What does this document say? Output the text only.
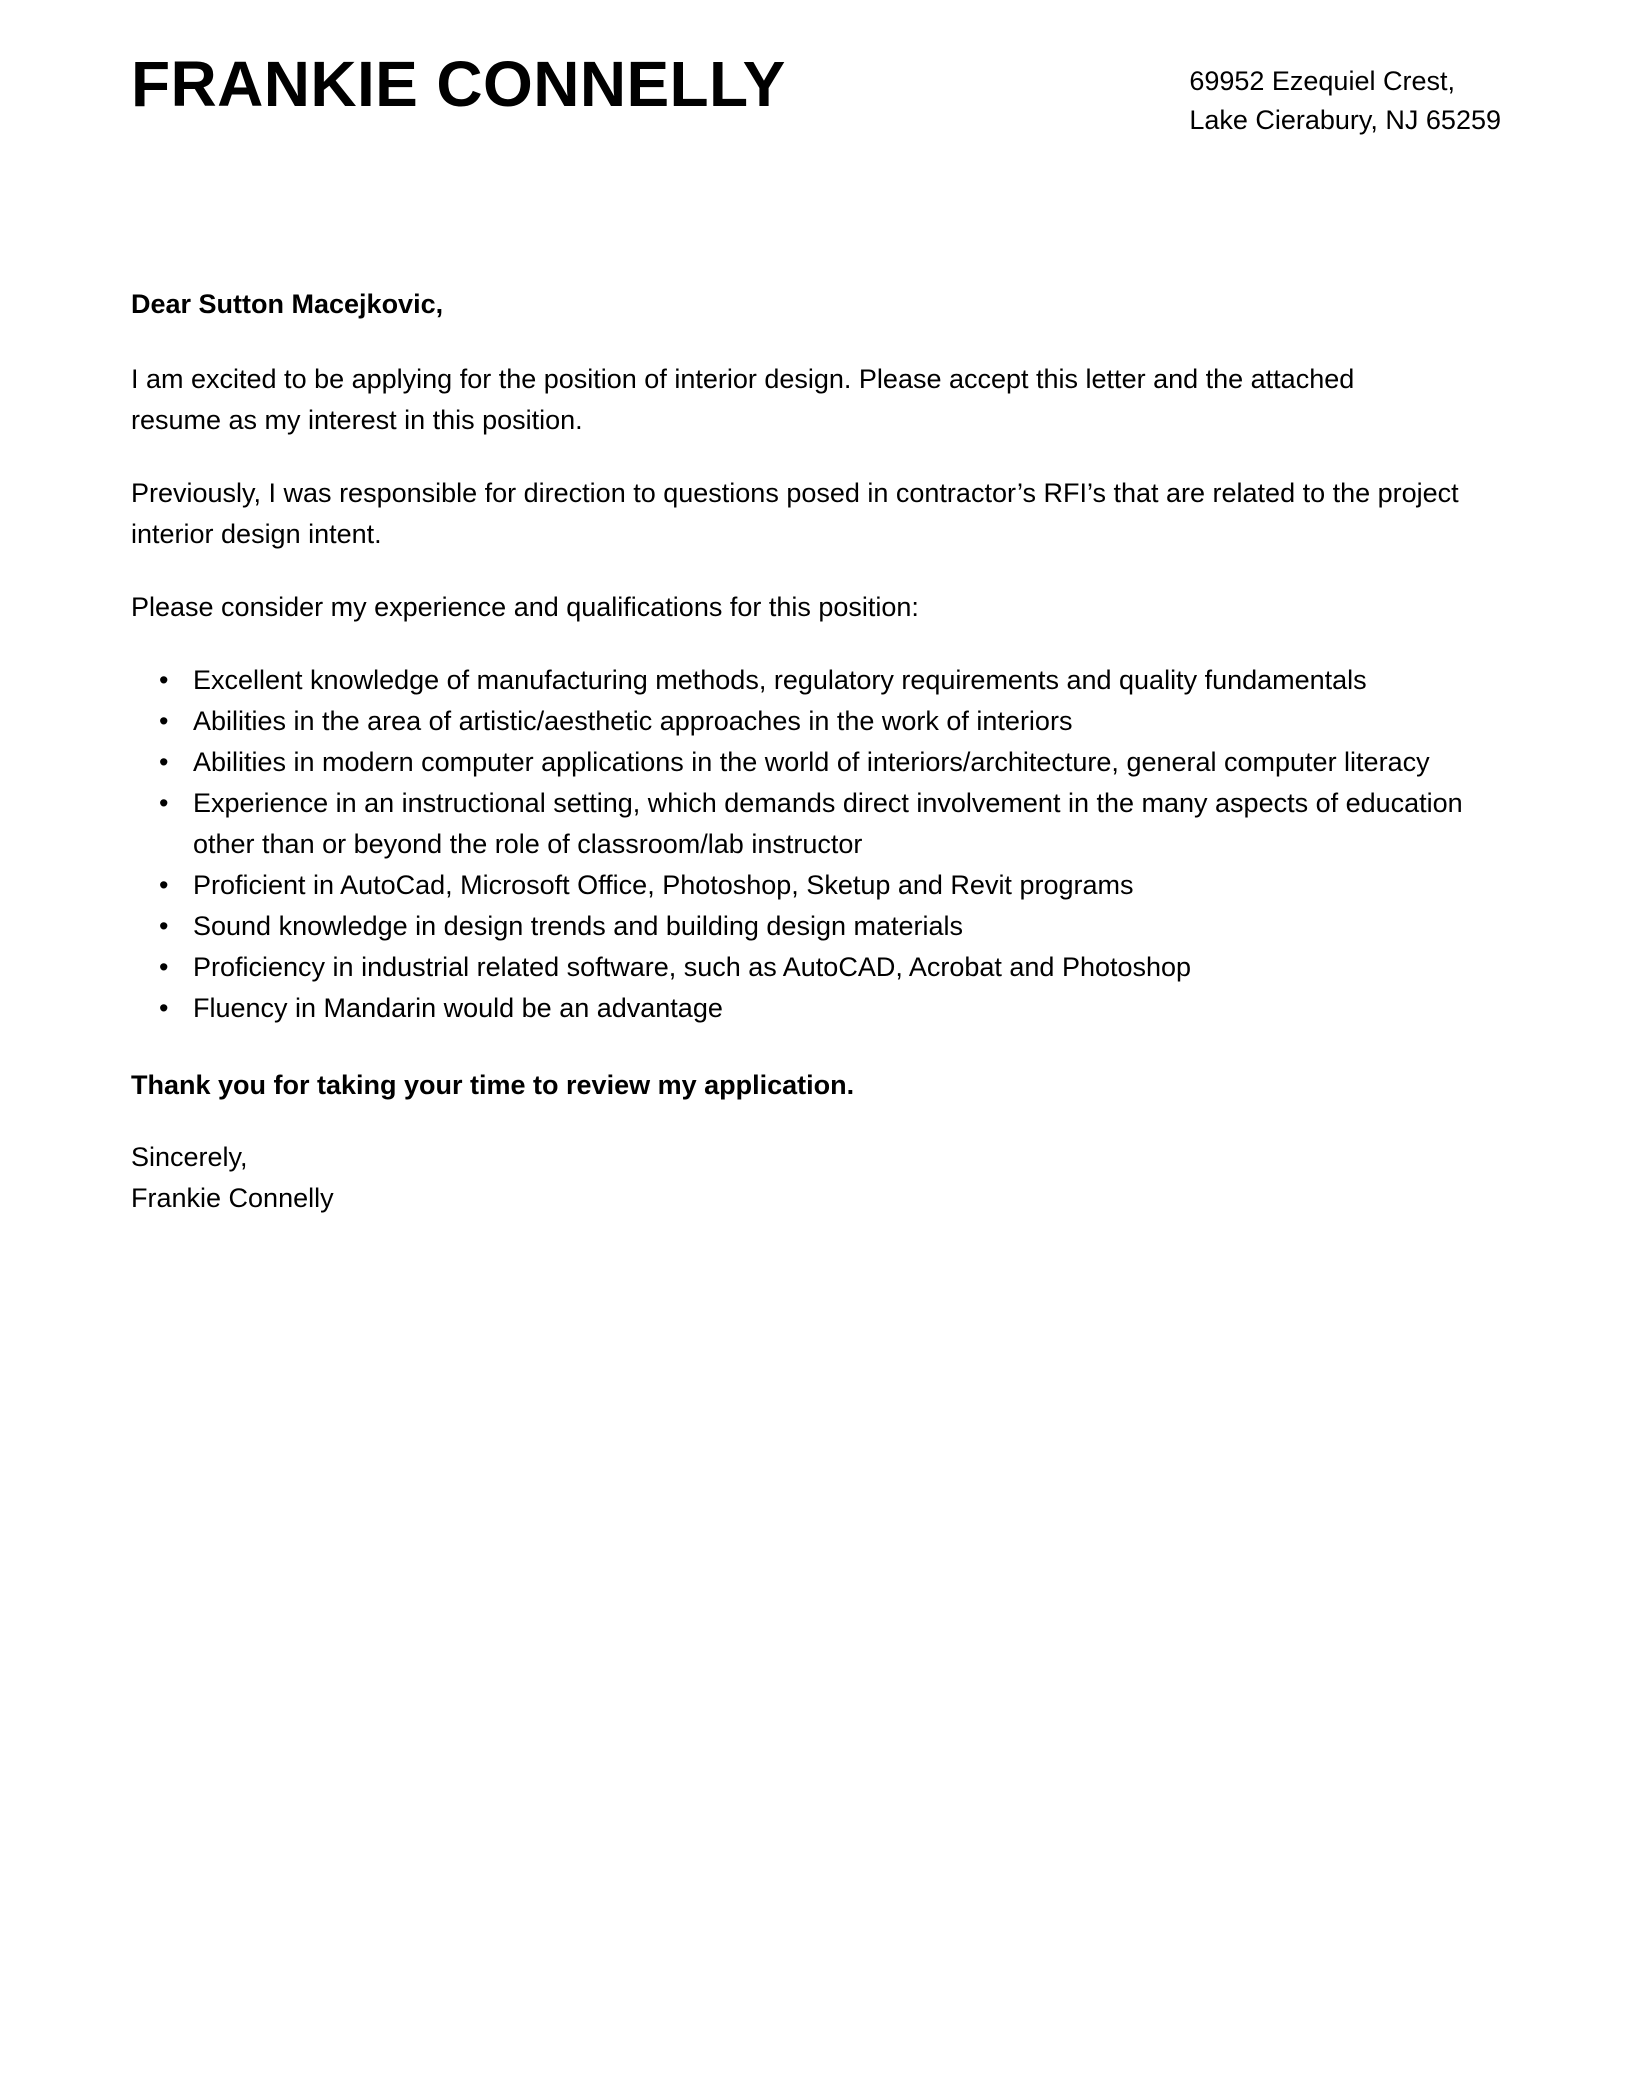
FRANKIE CONNELLY	69952 Ezequiel Crest,
Lake Cierabury, NJ 65259

Dear Sutton Macejkovic,

I am excited to be applying for the position of interior design. Please accept this letter and the attached resume as my interest in this position.

Previously, I was responsible for direction to questions posed in contractor’s RFI’s that are related to the project interior design intent.

Please consider my experience and qualifications for this position:

• Excellent knowledge of manufacturing methods, regulatory requirements and quality fundamentals
• Abilities in the area of artistic/aesthetic approaches in the work of interiors
• Abilities in modern computer applications in the world of interiors/architecture, general computer literacy
• Experience in an instructional setting, which demands direct involvement in the many aspects of education other than or beyond the role of classroom/lab instructor
• Proficient in AutoCad, Microsoft Office, Photoshop, Sketup and Revit programs
• Sound knowledge in design trends and building design materials
• Proficiency in industrial related software, such as AutoCAD, Acrobat and Photoshop
• Fluency in Mandarin would be an advantage

Thank you for taking your time to review my application.

Sincerely,
Frankie Connelly
